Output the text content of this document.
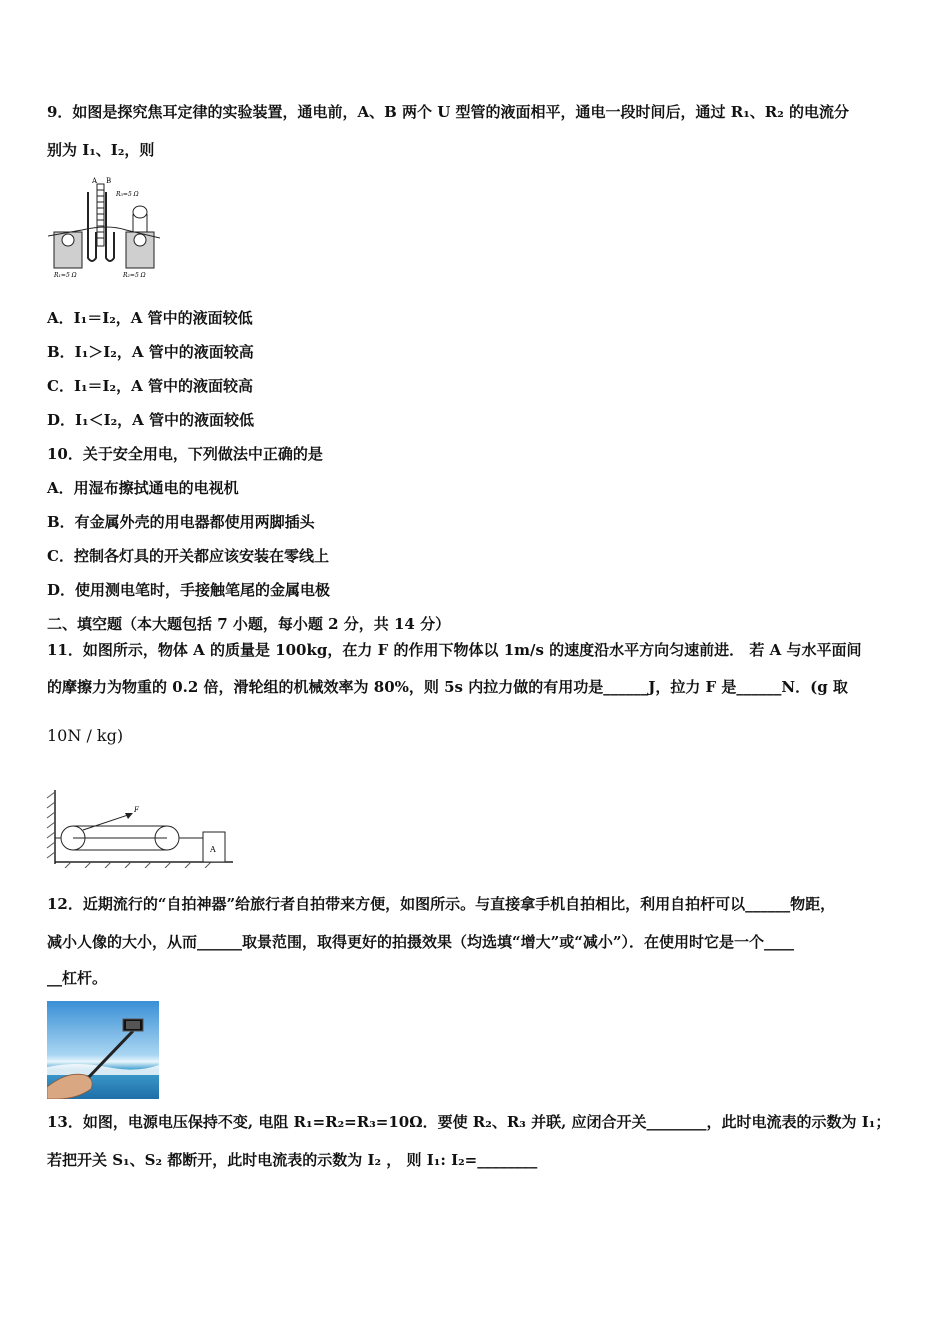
9．如图是探究焦耳定律的实验装置，通电前，A、B 两个 U 型管的液面相平，通电一段时间后，通过 R₁、R₂ 的电流分
别为 I₁、I₂，则
A B
R₃=5 Ω
R₁=5 Ω	R₂=5 Ω
A．I₁＝I₂，A 管中的液面较低
B．I₁＞I₂，A 管中的液面较高
C．I₁＝I₂，A 管中的液面较高
D．I₁＜I₂，A 管中的液面较低
10．关于安全用电，下列做法中正确的是
A．用湿布擦拭通电的电视机
B．有金属外壳的用电器都使用两脚插头
C．控制各灯具的开关都应该安装在零线上
D．使用测电笔时，手接触笔尾的金属电极
二、填空题（本大题包括 7 小题，每小题 2 分，共 14 分）
11．如图所示，物体 A 的质量是 100kg，在力 F 的作用下物体以 1m/s 的速度沿水平方向匀速前进． 若 A 与水平面间
的摩擦力为物重的 0.2 倍，滑轮组的机械效率为 80%，则 5s 内拉力做的有用功是______J，拉力 F 是______N．(g 取
10N / kg)
F
A
12．近期流行的“自拍神器”给旅行者自拍带来方便，如图所示。与直接拿手机自拍相比，利用自拍杆可以______物距，
减小人像的大小，从而______取景范围，取得更好的拍摄效果（均选填“增大”或“减小”）．在使用时它是一个____
__杠杆。
13．如图，电源电压保持不变, 电阻 R₁=R₂=R₃=10Ω．要使 R₂、R₃ 并联, 应闭合开关________，此时电流表的示数为 I₁；
若把开关 S₁、S₂ 都断开，此时电流表的示数为 I₂ ， 则 I₁: I₂=________
